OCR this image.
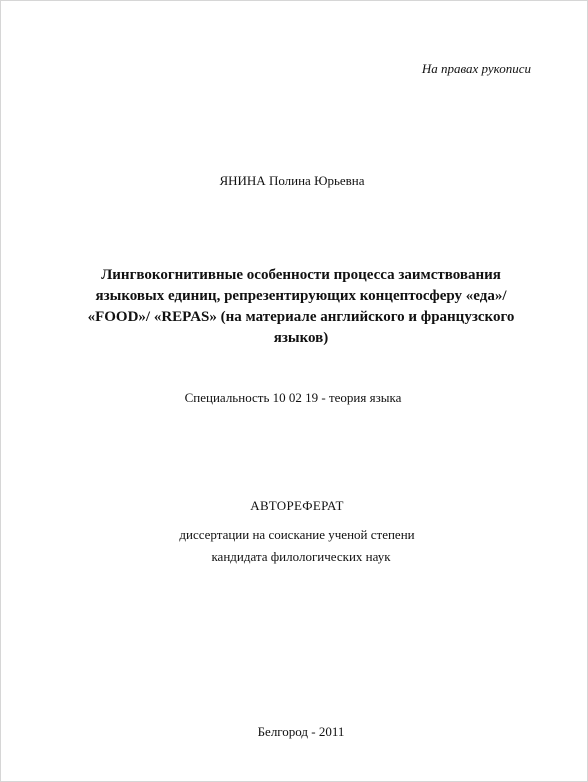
На правах рукописи
ЯНИНА Полина Юрьевна
Лингвокогнитивные особенности процесса заимствования
языковых единиц, репрезентирующих концептосферу «еда»/
«FOOD»/ «REPAS» (на материале английского и французского
языков)
Специальность 10 02 19 - теория языка
АВТОРЕФЕРАТ
диссертации на соискание ученой степени
кандидата филологических наук
Белгород - 2011
